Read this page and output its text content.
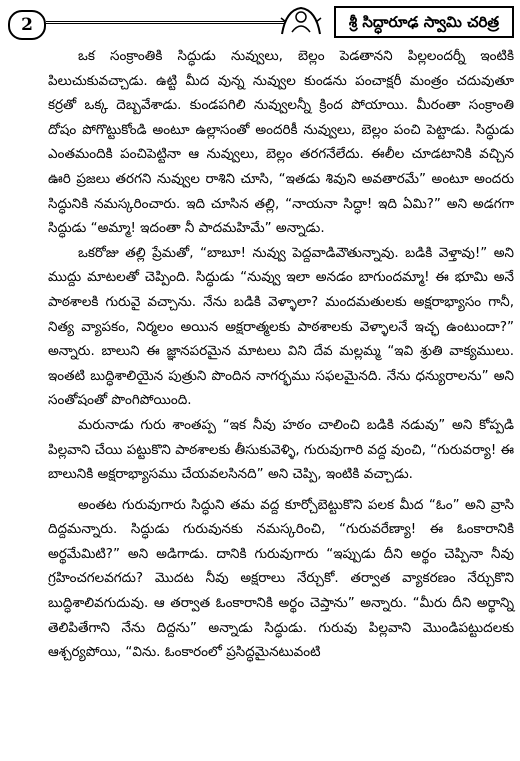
2	శ్రీ సిద్ధారూఢ స్వామి చరిత్ర

ఒక సంక్రాంతికి సిద్ధుడు నువ్వులు, బెల్లం పెడతానని పిల్లలందర్నీ ఇంటికి పిలుచుకువచ్చాడు. ఉట్టి మీద వున్న నువ్వుల కుండను పంచాక్షరీ మంత్రం చదువుతూ కర్రతో ఒక్క దెబ్బవేశాడు. కుండపగిలి నువ్వులన్నీ క్రింద పోయాయి. మీరంతా సంక్రాంతి దోషం పోగొట్టుకోండి అంటూ ఉల్లాసంతో అందరికీ నువ్వులు, బెల్లం పంచి పెట్టాడు. సిద్ధుడు ఎంతమందికి పంచిపెట్టినా ఆ నువ్వులు, బెల్లం తరగనేలేదు. ఈలీల చూడటానికి వచ్చిన ఊరి ప్రజలు తరగని నువ్వుల రాశిని చూసి, “ఇతడు శివుని అవతారమే” అంటూ అందరు సిద్ధునికి నమస్కరించారు. ఇది చూసిన తల్లి, “నాయనా సిద్ధా! ఇది ఏమి?” అని అడగగా సిద్ధుడు “అమ్మా! ఇదంతా నీ పాదమహిమే” అన్నాడు.

ఒకరోజు తల్లి ప్రేమతో, “బాబూ! నువ్వు పెద్దవాడివౌతున్నావు. బడికి వెళ్తావు!” అని ముద్దు మాటలతో చెప్పింది. సిద్ధుడు “నువ్వు ఇలా అనడం బాగుందమ్మా! ఈ భూమి అనే పాఠశాలకి గురువై వచ్చాను. నేను బడికి వెళ్ళాలా? మందమతులకు అక్షరాభ్యాసం గానీ, నిత్య వ్యాపకం, నిర్మలం అయిన అక్షరాత్మలకు పాఠశాలకు వెళ్ళాలనే ఇచ్ఛ ఉంటుందా?” అన్నారు. బాలుని ఈ జ్ఞానపరమైన మాటలు విని దేవ మల్లమ్మ “ఇవి శ్రుతి వాక్యములు. ఇంతటి బుద్ధిశాలియైన పుత్రుని పొందిన నాగర్భము సఫలమైనది. నేను ధన్యురాలను” అని సంతోషంతో పొంగిపోయింది.

మరునాడు గురు శాంతప్ప “ఇక నీవు హఠం చాలించి బడికి నడువు” అని కోప్పడి పిల్లవాని చేయి పట్టుకొని పాఠశాలకు తీసుకువెళ్ళి, గురువుగారి వద్ద వుంచి, “గురువర్యా! ఈ బాలునికి అక్షరాభ్యాసము చేయవలసినది” అని చెప్పి, ఇంటికి వచ్చాడు.

అంతట గురువుగారు సిద్ధుని తమ వద్ద కూర్చోబెట్టుకొని పలక మీద “ఓం” అని వ్రాసి దిద్దమన్నారు. సిద్ధుడు గురువునకు నమస్కరించి, “గురువరేణ్యా! ఈ ఓంకారానికి అర్థమేమిటి?” అని అడిగాడు. దానికి గురువుగారు “ఇప్పుడు దీని అర్థం చెప్పినా నీవు గ్రహించగలవగదు? మొదట నీవు అక్షరాలు నేర్చుకో. తర్వాత వ్యాకరణం నేర్చుకొని బుద్ధిశాలివగుదువు. ఆ తర్వాత ఓంకారానికి అర్థం చెప్తాను” అన్నారు. “మీరు దీని అర్థాన్ని తెలిపితేగాని నేను దిద్దను” అన్నాడు సిద్ధుడు. గురువు పిల్లవాని మొండిపట్టుదలకు ఆశ్చర్యపోయి, “విను. ఓంకారంలో ప్రసిద్ధమైనటువంటి
